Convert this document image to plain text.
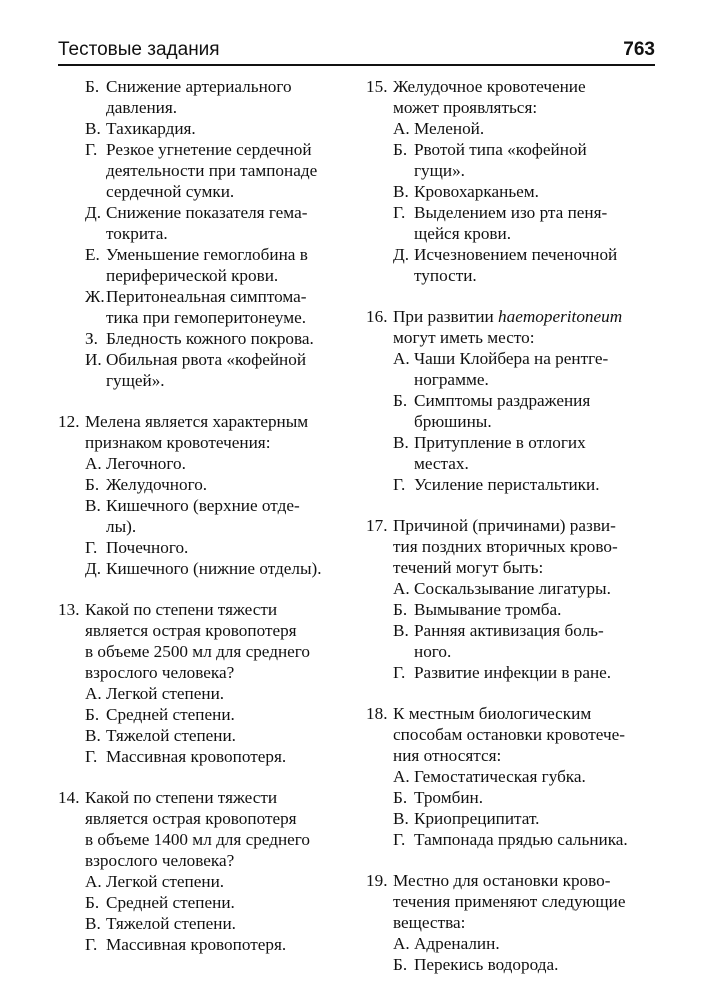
Тестовые задания	763
Б. Снижение артериального
давления.
В. Тахикардия.
Г. Резкое угнетение сердечной
деятельности при тампонаде
сердечной сумки.
Д. Снижение показателя гема-
токрита.
Е. Уменьшение гемоглобина в
периферической крови.
Ж. Перитонеальная симптома-
тика при гемоперитонеуме.
З. Бледность кожного покрова.
И. Обильная рвота «кофейной
гущей».
12. Мелена является характерным
признаком кровотечения:
А. Легочного.
Б. Желудочного.
В. Кишечного (верхние отде-
лы).
Г. Почечного.
Д. Кишечного (нижние отделы).
13. Какой по степени тяжести
является острая кровопотеря
в объеме 2500 мл для среднего
взрослого человека?
А. Легкой степени.
Б. Средней степени.
В. Тяжелой степени.
Г. Массивная кровопотеря.
14. Какой по степени тяжести
является острая кровопотеря
в объеме 1400 мл для среднего
взрослого человека?
А. Легкой степени.
Б. Средней степени.
В. Тяжелой степени.
Г. Массивная кровопотеря.
15. Желудочное кровотечение
может проявляться:
А. Меленой.
Б. Рвотой типа «кофейной
гущи».
В. Кровохарканьем.
Г. Выделением изо рта пеня-
щейся крови.
Д. Исчезновением печеночной
тупости.
16. При развитии haemoperitoneum
могут иметь место:
А. Чаши Клойбера на рентге-
нограмме.
Б. Симптомы раздражения
брюшины.
В. Притупление в отлогих
местах.
Г. Усиление перистальтики.
17. Причиной (причинами) разви-
тия поздних вторичных крово-
течений могут быть:
А. Соскальзывание лигатуры.
Б. Вымывание тромба.
В. Ранняя активизация боль-
ного.
Г. Развитие инфекции в ране.
18. К местным биологическим
способам остановки кровотече-
ния относятся:
А. Гемостатическая губка.
Б. Тромбин.
В. Криопреципитат.
Г. Тампонада прядью сальника.
19. Местно для остановки крово-
течения применяют следующие
вещества:
А. Адреналин.
Б. Перекись водорода.
